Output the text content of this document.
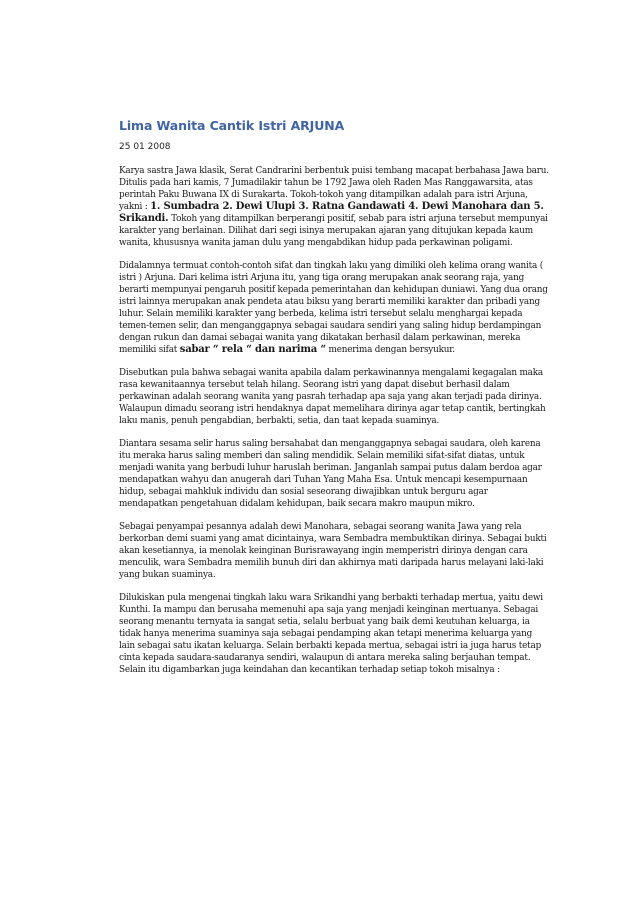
Lima Wanita Cantik Istri ARJUNA
25 01 2008

Karya sastra Jawa klasik, Serat Candrarini berbentuk puisi tembang macapat berbahasa Jawa baru. Ditulis pada hari kamis, 7 Jumadilakir tahun be 1792 Jawa oleh Raden Mas Ranggawarsita, atas perintah Paku Buwana IX di Surakarta. Tokoh-tokoh yang ditampilkan adalah para istri Arjuna, yakni : 1. Sumbadra 2. Dewi Ulupi 3. Ratna Gandawati 4. Dewi Manohara dan 5. Srikandi. Tokoh yang ditampilkan berperangi positif, sebab para istri arjuna tersebut mempunyai karakter yang berlainan. Dilihat dari segi isinya merupakan ajaran yang ditujukan kepada kaum wanita, khususnya wanita jaman dulu yang mengabdikan hidup pada perkawinan poligami.

Didalamnya termuat contoh-contoh sifat dan tingkah laku yang dimiliki oleh kelima orang wanita ( istri ) Arjuna. Dari kelima istri Arjuna itu, yang tiga orang merupakan anak seorang raja, yang berarti mempunyai pengaruh positif kepada pemerintahan dan kehidupan duniawi. Yang dua orang istri lainnya merupakan anak pendeta atau biksu yang berarti memiliki karakter dan pribadi yang luhur. Selain memiliki karakter yang berbeda, kelima istri tersebut selalu menghargai kepada temen-temen selir, dan menganggapnya sebagai saudara sendiri yang saling hidup berdampingan dengan rukun dan damai sebagai wanita yang dikatakan berhasil dalam perkawinan, mereka memiliki sifat sabar “ rela “ dan narima “ menerima dengan bersyukur.

Disebutkan pula bahwa sebagai wanita apabila dalam perkawinannya mengalami kegagalan maka rasa kewanitaannya tersebut telah hilang. Seorang istri yang dapat disebut berhasil dalam perkawinan adalah seorang wanita yang pasrah terhadap apa saja yang akan terjadi pada dirinya. Walaupun dimadu seorang istri hendaknya dapat memelihara dirinya agar tetap cantik, bertingkah laku manis, penuh pengabdian, berbakti, setia, dan taat kepada suaminya.

Diantara sesama selir harus saling bersahabat dan menganggapnya sebagai saudara, oleh karena itu meraka harus saling memberi dan saling mendidik. Selain memiliki sifat-sifat diatas, untuk menjadi wanita yang berbudi luhur haruslah beriman. Janganlah sampai putus dalam berdoa agar mendapatkan wahyu dan anugerah dari Tuhan Yang Maha Esa. Untuk mencapi kesempurnaan hidup, sebagai mahkluk individu dan sosial seseorang diwajibkan untuk berguru agar mendapatkan pengetahuan didalam kehidupan, baik secara makro maupun mikro.

Sebagai penyampai pesannya adalah dewi Manohara, sebagai seorang wanita Jawa yang rela berkorban demi suami yang amat dicintainya, wara Sembadra membuktikan dirinya. Sebagai bukti akan kesetiannya, ia menolak keinginan Burisrawayang ingin memperistri dirinya dengan cara menculik, wara Sembadra memilih bunuh diri dan akhirnya mati daripada harus melayani laki-laki yang bukan suaminya.

Dilukiskan pula mengenai tingkah laku wara Srikandhi yang berbakti terhadap mertua, yaitu dewi Kunthi. Ia mampu dan berusaha memenuhi apa saja yang menjadi keinginan mertuanya. Sebagai seorang menantu ternyata ia sangat setia, selalu berbuat yang baik demi keutuhan keluarga, ia tidak hanya menerima suaminya saja sebagai pendamping akan tetapi menerima keluarga yang lain sebagai satu ikatan keluarga. Selain berbakti kepada mertua, sebagai istri ia juga harus tetap cinta kepada saudara-saudaranya sendiri, walaupun di antara mereka saling berjauhan tempat. Selain itu digambarkan juga keindahan dan kecantikan terhadap setiap tokoh misalnya :
